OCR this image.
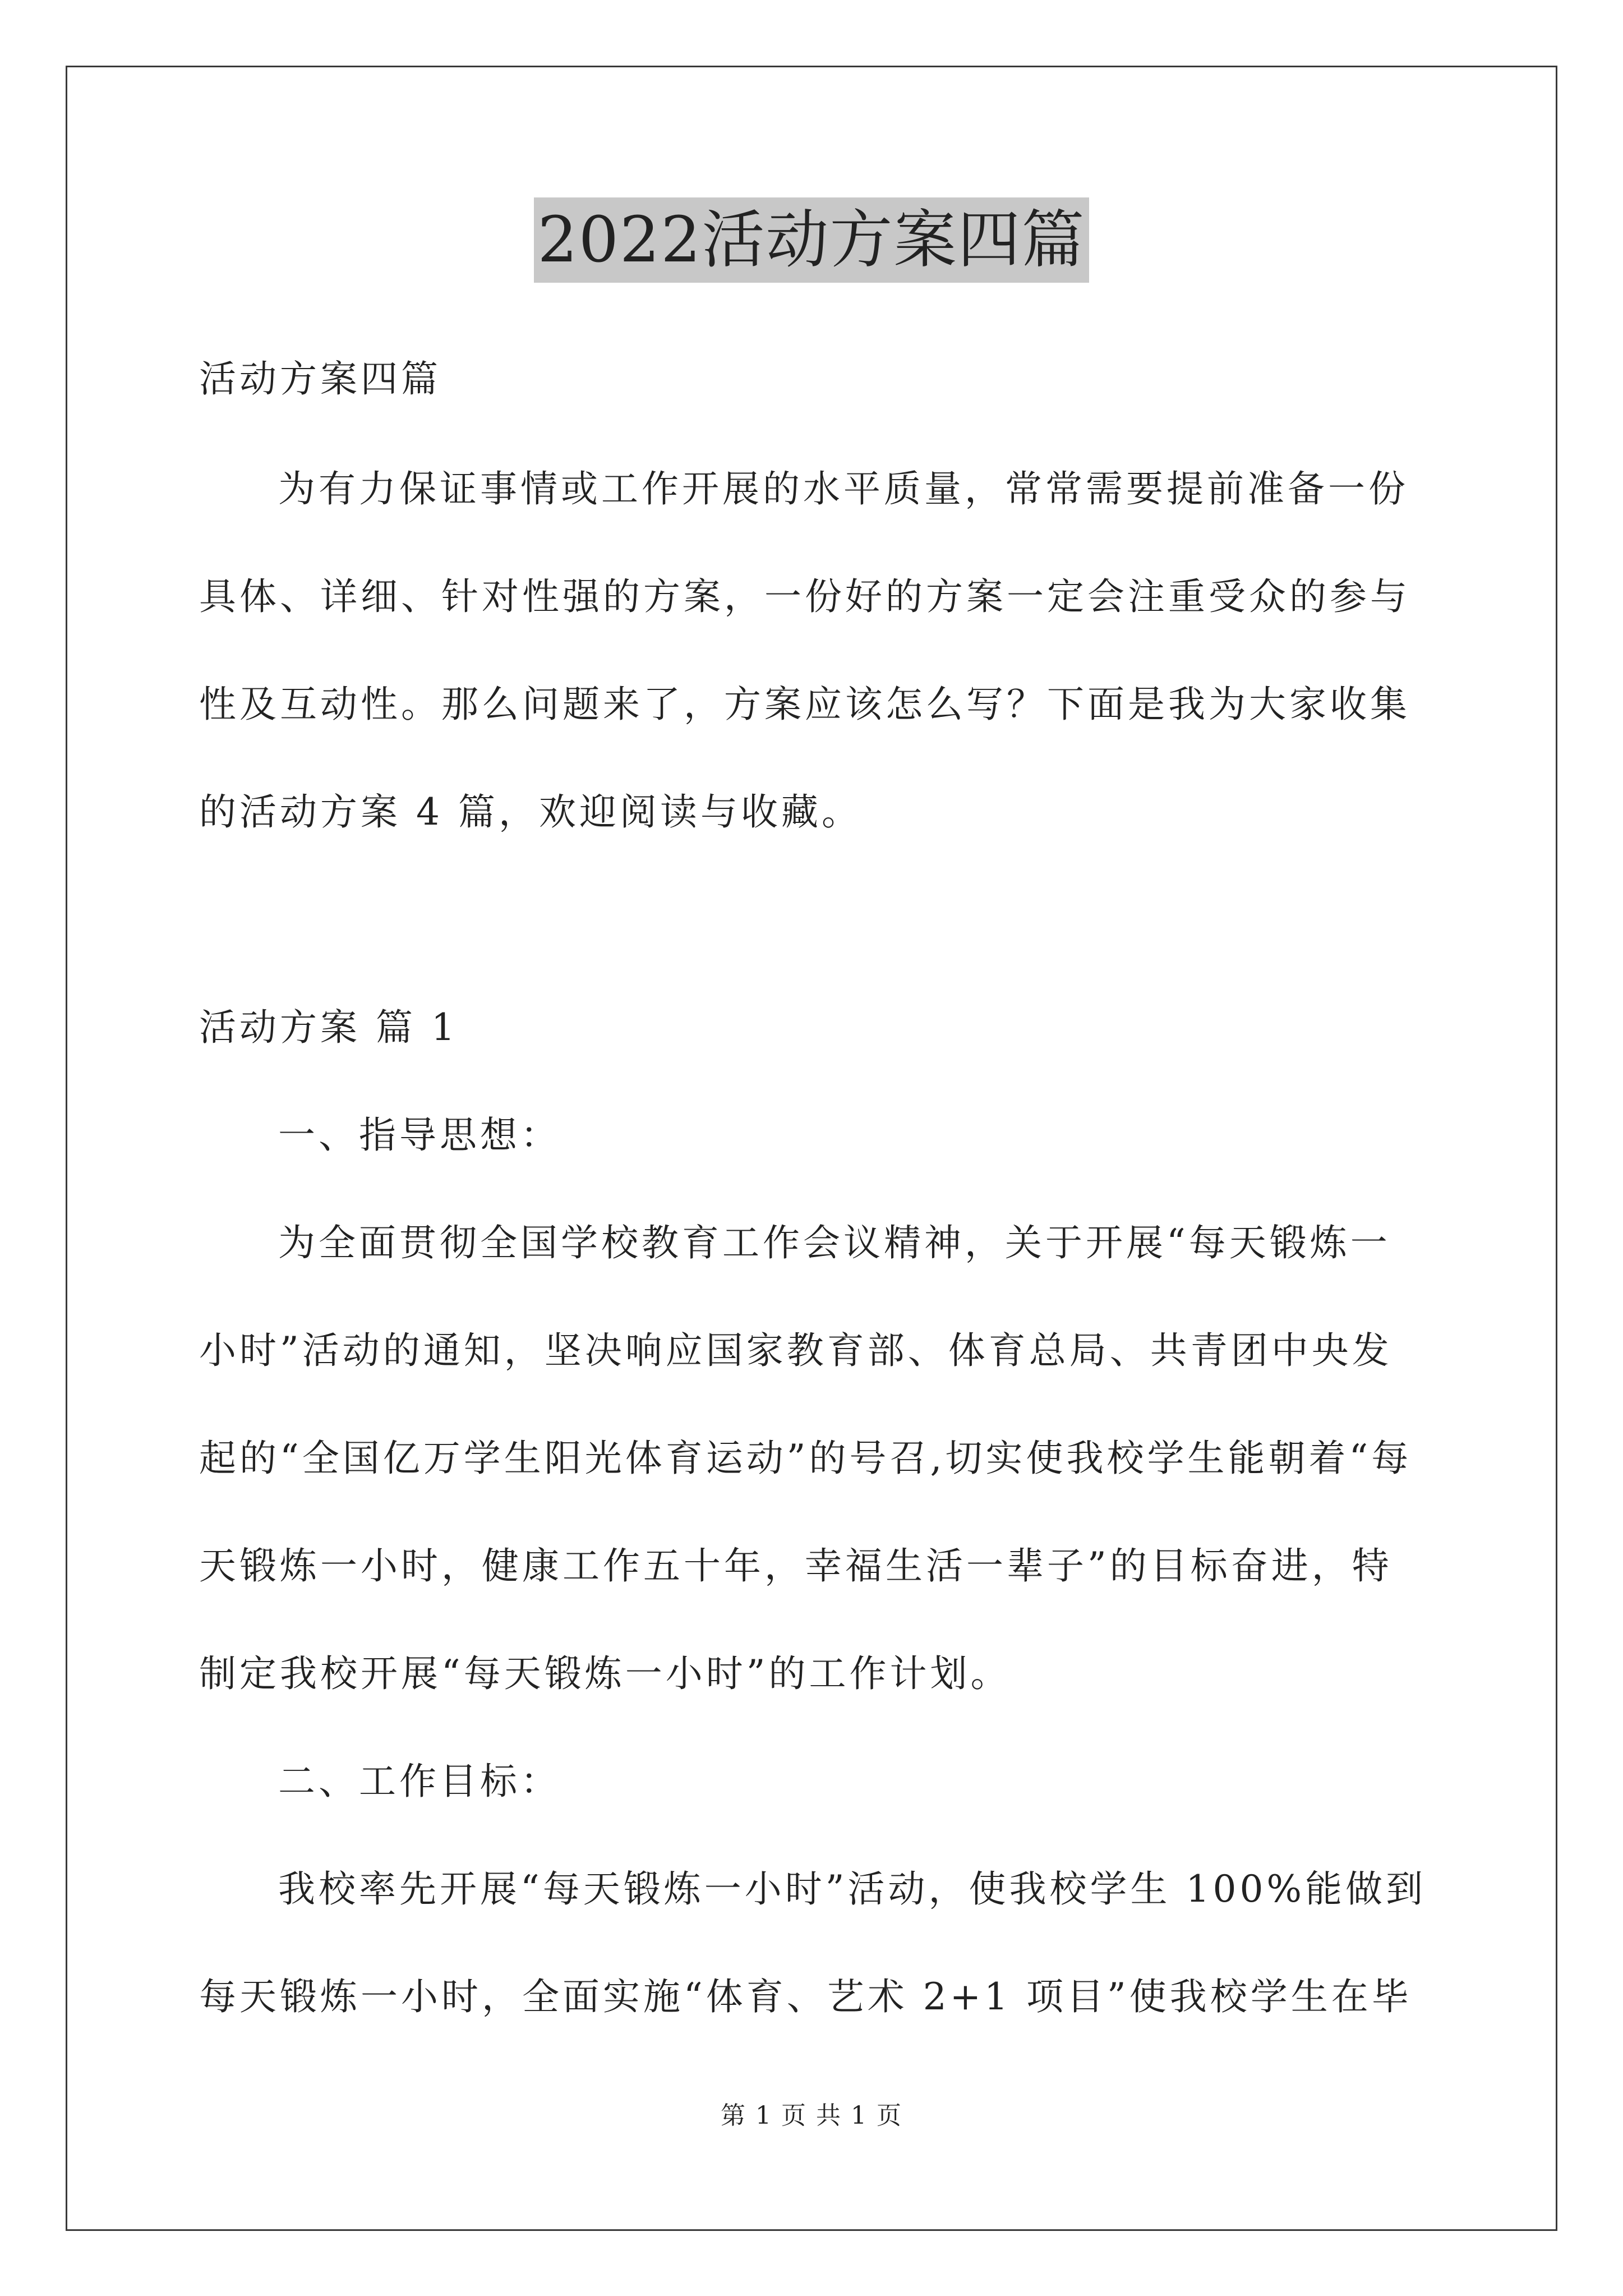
2022活动方案四篇
活动方案四篇
为有力保证事情或工作开展的水平质量，常常需要提前准备一份
具体、详细、针对性强的方案，一份好的方案一定会注重受众的参与
性及互动性。那么问题来了，方案应该怎么写？下面是我为大家收集
的活动方案 4 篇，欢迎阅读与收藏。
活动方案 篇 1
一、指导思想：
为全面贯彻全国学校教育工作会议精神，关于开展“每天锻炼一
小时”活动的通知，坚决响应国家教育部、体育总局、共青团中央发
起的“全国亿万学生阳光体育运动”的号召,切实使我校学生能朝着“每
天锻炼一小时，健康工作五十年，幸福生活一辈子”的目标奋进，特
制定我校开展“每天锻炼一小时”的工作计划。
二、工作目标：
我校率先开展“每天锻炼一小时”活动，使我校学生 100%能做到
每天锻炼一小时，全面实施“体育、艺术 2+1 项目”使我校学生在毕
第 1 页 共 1 页
